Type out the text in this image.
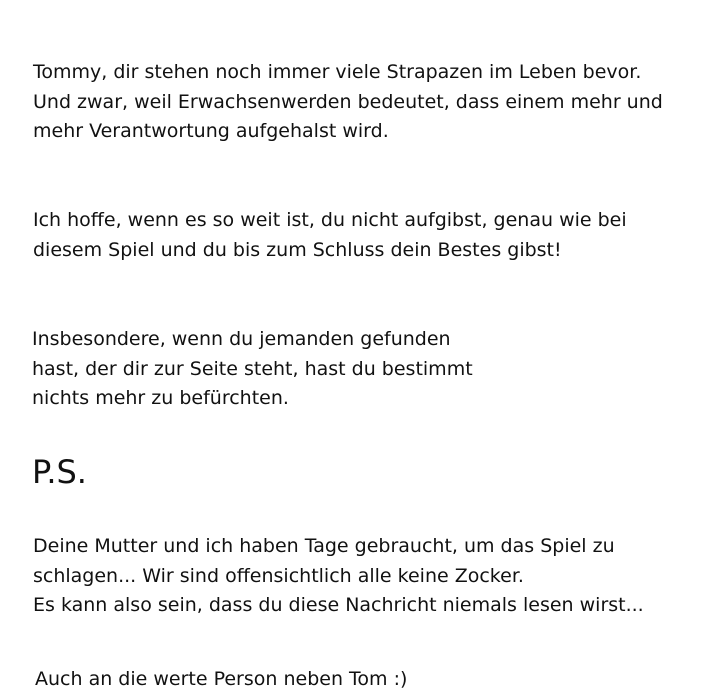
Tommy, dir stehen noch immer viele Strapazen im Leben bevor.
Und zwar, weil Erwachsenwerden bedeutet, dass einem mehr und
mehr Verantwortung aufgehalst wird.
Ich hoffe, wenn es so weit ist, du nicht aufgibst, genau wie bei
diesem Spiel und du bis zum Schluss dein Bestes gibst!
Insbesondere, wenn du jemanden gefunden
hast, der dir zur Seite steht, hast du bestimmt
nichts mehr zu befürchten.
P.S.
Deine Mutter und ich haben Tage gebraucht, um das Spiel zu
schlagen... Wir sind offensichtlich alle keine Zocker.
Es kann also sein, dass du diese Nachricht niemals lesen wirst...
Auch an die werte Person neben Tom :)
